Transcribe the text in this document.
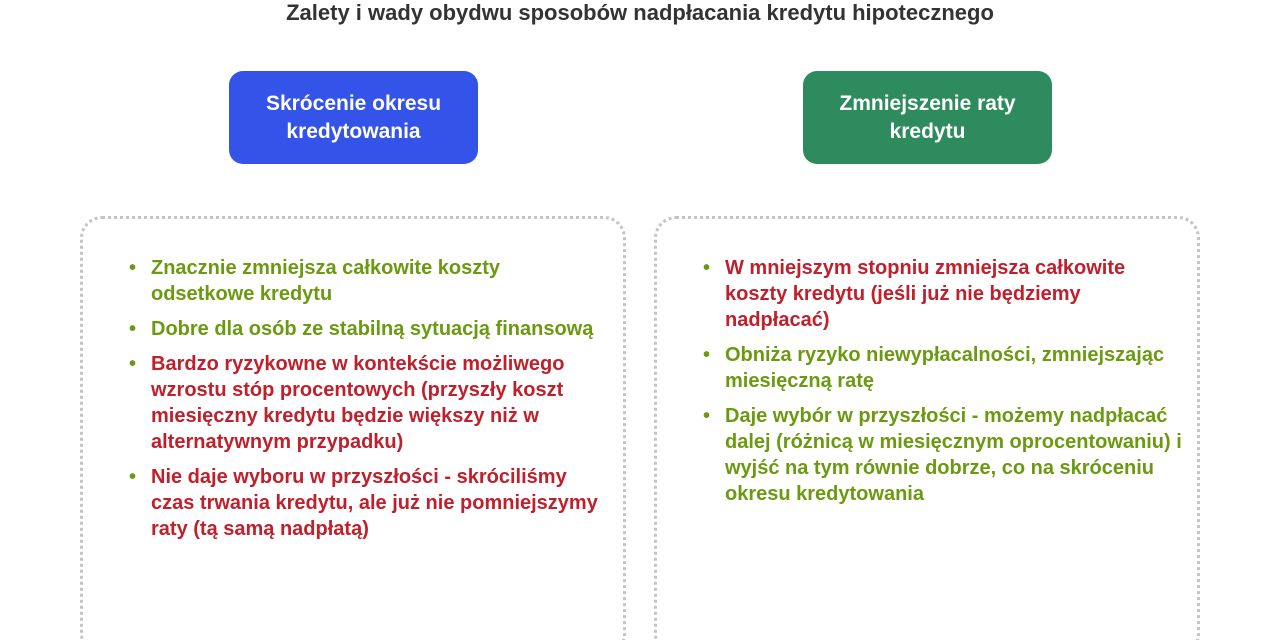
Zalety i wady obydwu sposobów nadpłacania kredytu hipotecznego
Skrócenie okresu kredytowania
Zmniejszenie raty kredytu
• Znacznie zmniejsza całkowite koszty odsetkowe kredytu
• Dobre dla osób ze stabilną sytuacją finansową
• Bardzo ryzykowne w kontekście możliwego wzrostu stóp procentowych (przyszły koszt miesięczny kredytu będzie większy niż w alternatywnym przypadku)
• Nie daje wyboru w przyszłości - skróciliśmy czas trwania kredytu, ale już nie pomniejszymy raty (tą samą nadpłatą)
• W mniejszym stopniu zmniejsza całkowite koszty kredytu (jeśli już nie będziemy nadpłacać)
• Obniża ryzyko niewypłacalności, zmniejszając miesięczną ratę
• Daje wybór w przyszłości - możemy nadpłacać dalej (różnicą w miesięcznym oprocentowaniu) i wyjść na tym równie dobrze, co na skróceniu okresu kredytowania
